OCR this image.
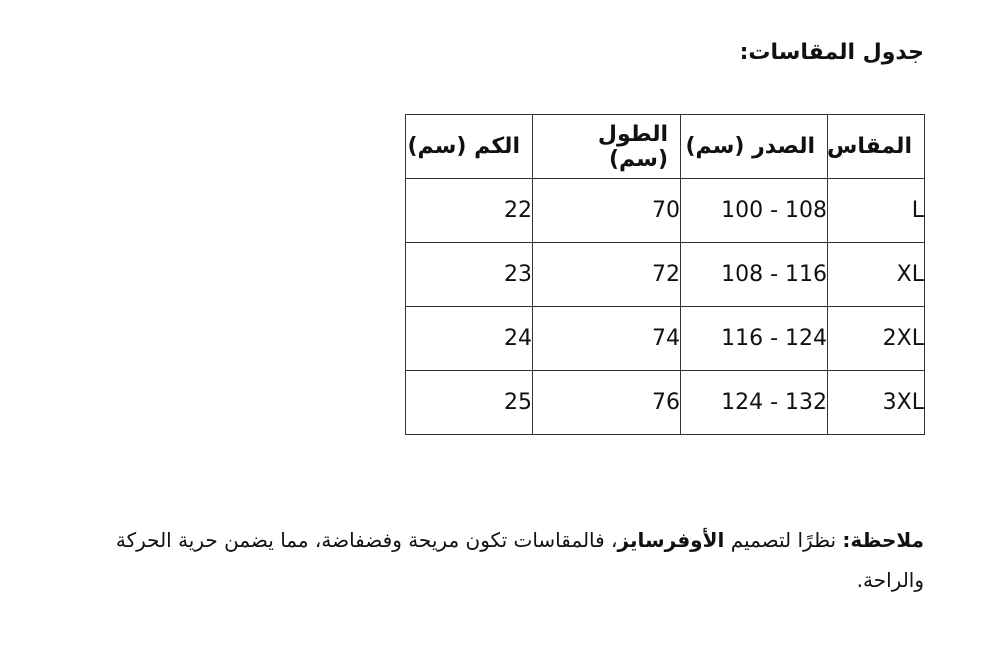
جدول المقاسات:
المقاس	الصدر (سم)	الطول (سم)	الكم (سم)
L	100 - 108	70	22
XL	108 - 116	72	23
2XL	116 - 124	74	24
3XL	124 - 132	76	25

ملاحظة: نظرًا لتصميم الأوفرسايز، فالمقاسات تكون مريحة وفضفاضة، مما يضمن حرية الحركة والراحة.
